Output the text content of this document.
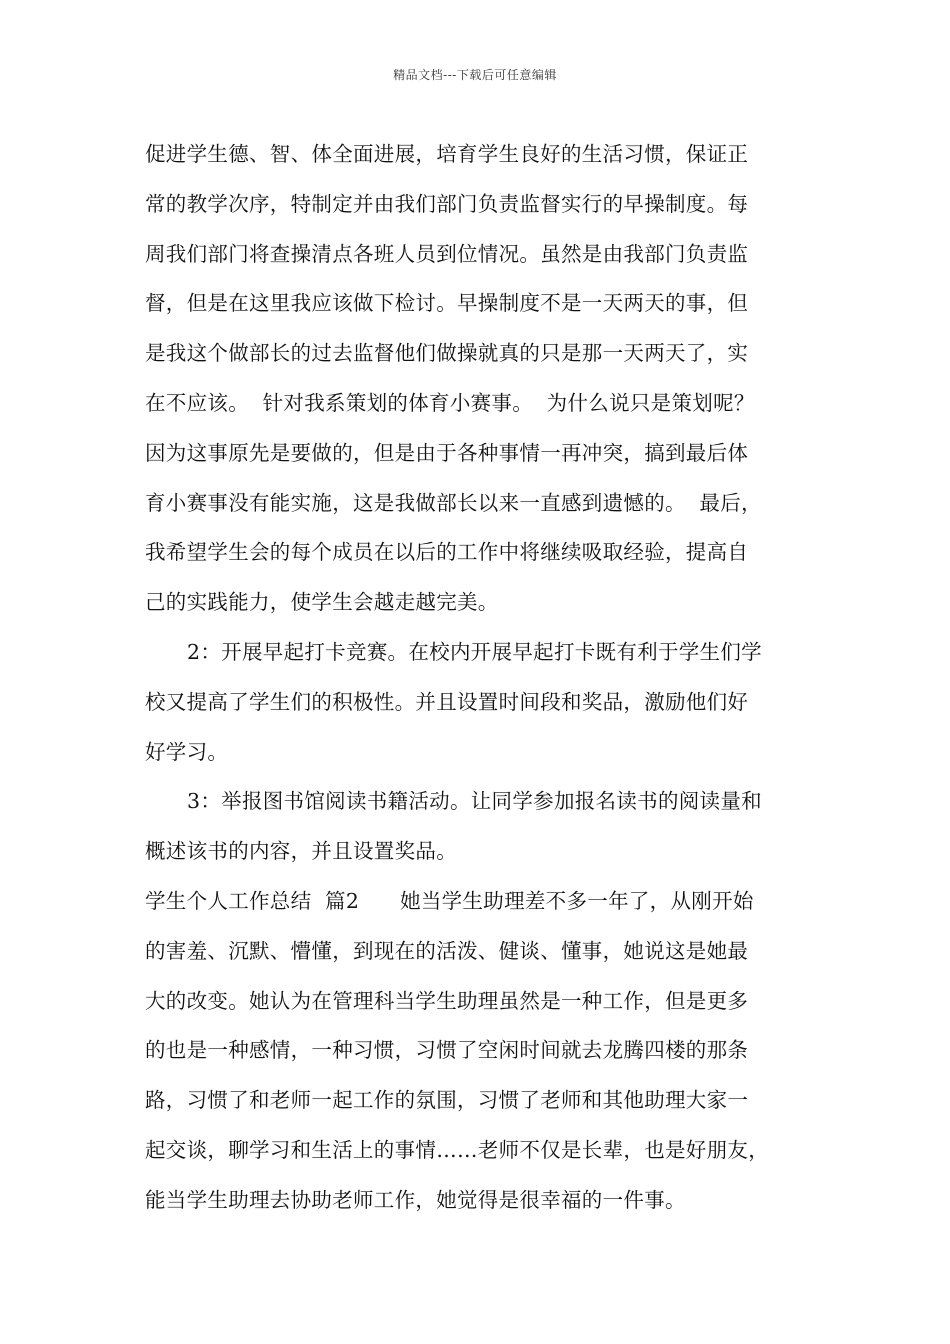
精品文档---下载后可任意编辑
促进学生德、智、体全面进展，培育学生良好的生活习惯，保证正
常的教学次序，特制定并由我们部门负责监督实行的早操制度。每
周我们部门将查操清点各班人员到位情况。虽然是由我部门负责监
督，但是在这里我应该做下检讨。早操制度不是一天两天的事，但
是我这个做部长的过去监督他们做操就真的只是那一天两天了，实
在不应该。  针对我系策划的体育小赛事。  为什么说只是策划呢？
因为这事原先是要做的，但是由于各种事情一再冲突，搞到最后体
育小赛事没有能实施，这是我做部长以来一直感到遗憾的。  最后，
我希望学生会的每个成员在以后的工作中将继续吸取经验，提高自
己的实践能力，使学生会越走越完美。
2：开展早起打卡竞赛。在校内开展早起打卡既有利于学生们学
校又提高了学生们的积极性。并且设置时间段和奖品，激励他们好
好学习。
3：举报图书馆阅读书籍活动。让同学参加报名读书的阅读量和
概述该书的内容，并且设置奖品。
学生个人工作总结  篇2      她当学生助理差不多一年了，从刚开始
的害羞、沉默、懵懂，到现在的活泼、健谈、懂事，她说这是她最
大的改变。她认为在管理科当学生助理虽然是一种工作，但是更多
的也是一种感情，一种习惯，习惯了空闲时间就去龙腾四楼的那条
路，习惯了和老师一起工作的氛围，习惯了老师和其他助理大家一
起交谈，聊学习和生活上的事情……老师不仅是长辈，也是好朋友，
能当学生助理去协助老师工作，她觉得是很幸福的一件事。
